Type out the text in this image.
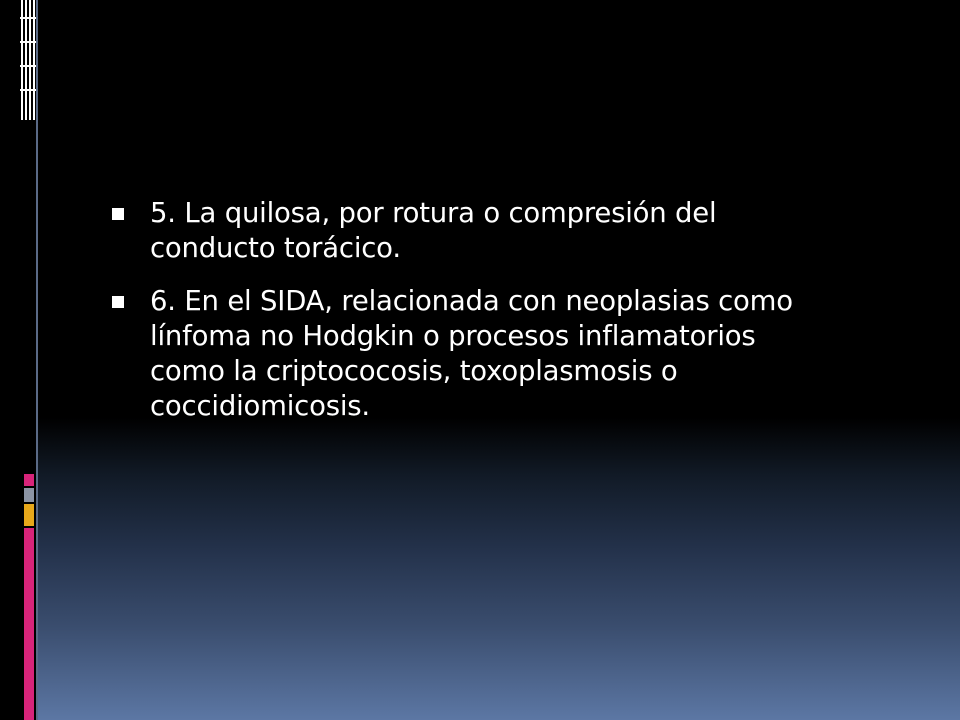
5. La quilosa, por rotura o compresión del conducto torácico.
6. En el SIDA, relacionada con neoplasias como línfoma no Hodgkin o procesos inflamatorios como la criptococosis, toxoplasmosis o coccidiomicosis.
